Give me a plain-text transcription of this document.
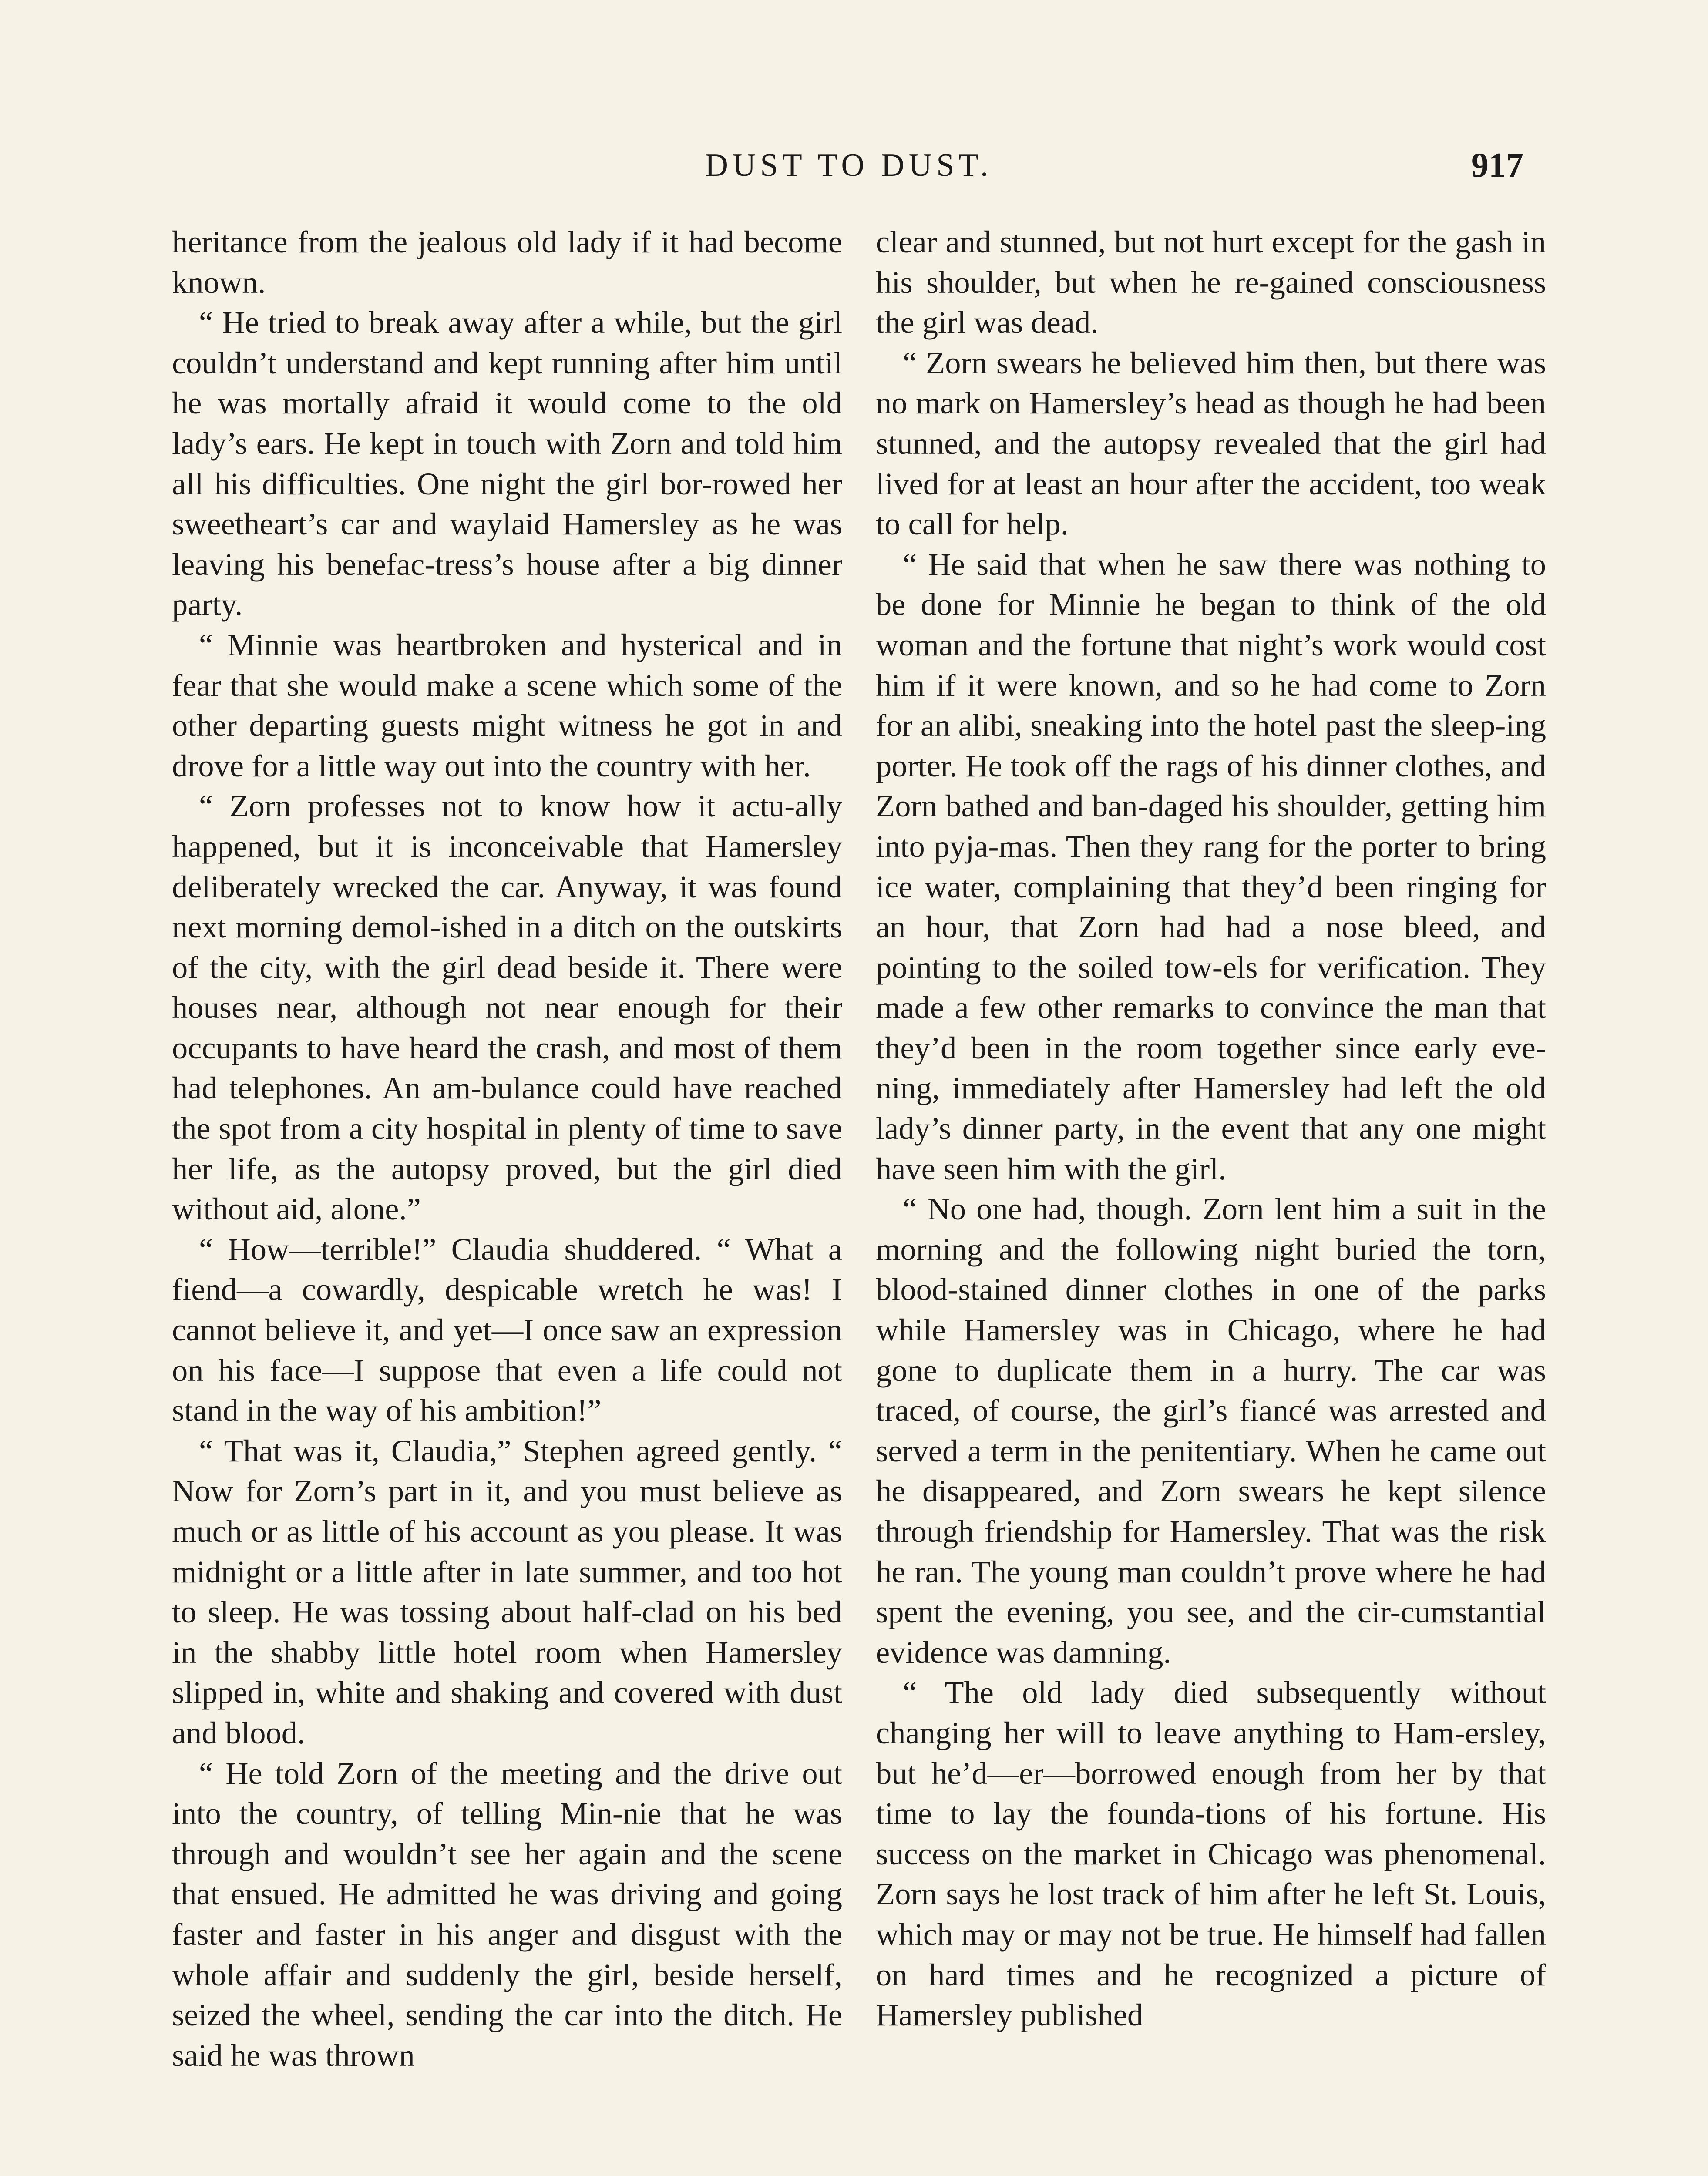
DUST TO DUST.	917

heritance from the jealous old lady if it had become known.

“ He tried to break away after a while, but the girl couldn’t understand and kept running after him until he was mortally afraid it would come to the old lady’s ears. He kept in touch with Zorn and told him all his difficulties. One night the girl bor-rowed her sweetheart’s car and waylaid Hamersley as he was leaving his benefac-tress’s house after a big dinner party.

“ Minnie was heartbroken and hysterical and in fear that she would make a scene which some of the other departing guests might witness he got in and drove for a little way out into the country with her.

“ Zorn professes not to know how it actu-ally happened, but it is inconceivable that Hamersley deliberately wrecked the car. Anyway, it was found next morning demol-ished in a ditch on the outskirts of the city, with the girl dead beside it. There were houses near, although not near enough for their occupants to have heard the crash, and most of them had telephones. An am-bulance could have reached the spot from a city hospital in plenty of time to save her life, as the autopsy proved, but the girl died without aid, alone.”

“ How—terrible!” Claudia shuddered. “ What a fiend—a cowardly, despicable wretch he was! I cannot believe it, and yet—I once saw an expression on his face—I suppose that even a life could not stand in the way of his ambition!”

“ That was it, Claudia,” Stephen agreed gently. “ Now for Zorn’s part in it, and you must believe as much or as little of his account as you please. It was midnight or a little after in late summer, and too hot to sleep. He was tossing about half-clad on his bed in the shabby little hotel room when Hamersley slipped in, white and shaking and covered with dust and blood.

“ He told Zorn of the meeting and the drive out into the country, of telling Min-nie that he was through and wouldn’t see her again and the scene that ensued. He admitted he was driving and going faster and faster in his anger and disgust with the whole affair and suddenly the girl, beside herself, seized the wheel, sending the car into the ditch. He said he was thrown

clear and stunned, but not hurt except for the gash in his shoulder, but when he re-gained consciousness the girl was dead.

“ Zorn swears he believed him then, but there was no mark on Hamersley’s head as though he had been stunned, and the autopsy revealed that the girl had lived for at least an hour after the accident, too weak to call for help.

“ He said that when he saw there was nothing to be done for Minnie he began to think of the old woman and the fortune that night’s work would cost him if it were known, and so he had come to Zorn for an alibi, sneaking into the hotel past the sleep-ing porter. He took off the rags of his dinner clothes, and Zorn bathed and ban-daged his shoulder, getting him into pyja-mas. Then they rang for the porter to bring ice water, complaining that they’d been ringing for an hour, that Zorn had had a nose bleed, and pointing to the soiled tow-els for verification. They made a few other remarks to convince the man that they’d been in the room together since early eve-ning, immediately after Hamersley had left the old lady’s dinner party, in the event that any one might have seen him with the girl.

“ No one had, though. Zorn lent him a suit in the morning and the following night buried the torn, blood-stained dinner clothes in one of the parks while Hamersley was in Chicago, where he had gone to duplicate them in a hurry. The car was traced, of course, the girl’s fiancé was arrested and served a term in the penitentiary. When he came out he disappeared, and Zorn swears he kept silence through friendship for Hamersley. That was the risk he ran. The young man couldn’t prove where he had spent the evening, you see, and the cir-cumstantial evidence was damning.

“ The old lady died subsequently without changing her will to leave anything to Ham-ersley, but he’d—er—borrowed enough from her by that time to lay the founda-tions of his fortune. His success on the market in Chicago was phenomenal. Zorn says he lost track of him after he left St. Louis, which may or may not be true. He himself had fallen on hard times and he recognized a picture of Hamersley published
